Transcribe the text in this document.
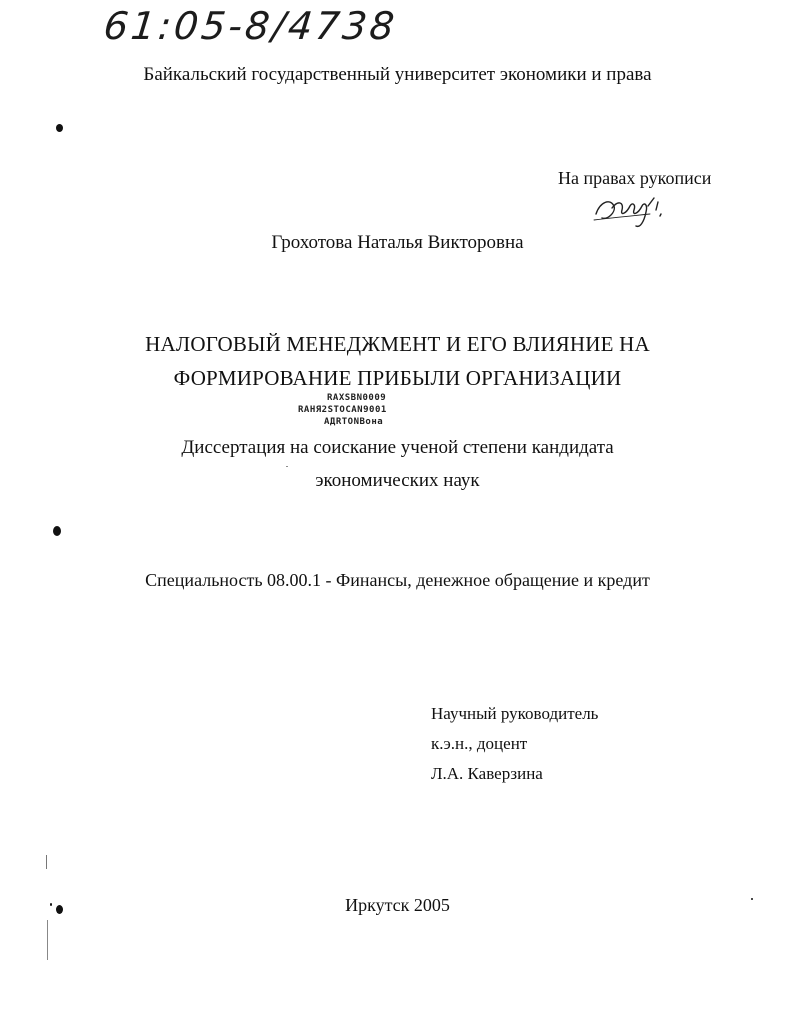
61:05-8/4738
Байкальский государственный университет экономики и права
На правах рукописи
Грохотова Наталья Викторовна
НАЛОГОВЫЙ МЕНЕДЖМЕНТ И ЕГО ВЛИЯНИЕ НА
ФОРМИРОВАНИЕ ПРИБЫЛИ ОРГАНИЗАЦИИ
RAXSBN0009
RAHЯ2STOCAN9001
AДRTONBoна
Диссертация на соискание ученой степени кандидата
экономических наук
Специальность 08.00.1 - Финансы, денежное обращение и кредит
Научный руководитель
к.э.н., доцент
Л.А. Каверзина
Иркутск 2005
